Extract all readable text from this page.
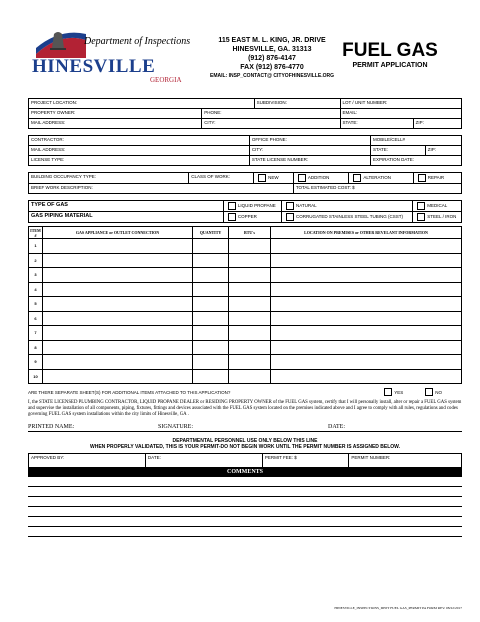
Department of Inspections
HINESVILLE
GEORGIA
115 EAST M. L. KING, JR. DRIVE
HINESVILLE, GA. 31313
(912) 876-4147
FAX (912) 876-4770
EMAIL: INSP_CONTACT@ CITYOFHINESVILLE.ORG
FUEL GAS
PERMIT APPLICATION
PROJECT LOCATION:		SUBDIVISION:	LOT / UNIT NUMBER:	
PROPERTY OWNER:	PHONE:		EMAIL:	
MAIL ADDRESS:	CITY:		STATE:	ZIP:
CONTRACTOR:	OFFICE PHONE:	MOBILE/CELL#	
MAIL ADDRESS:	CITY:	STATE:	ZIP:
LICENSE TYPE:	STATE LICENSE NUMBER:	EXPIRATION DATE:	
BUILDING OCCUPANCY TYPE:	CLASS OF WORK:	NEW	ADDITION	ALTERATION	REPAIR
BRIEF WORK DESCRIPTION:			TOTAL ESTIMATED COST: $		
TYPE OF GAS	LIQUID PROPANE	NATURAL	MEDICAL
GAS PIPING MATERIAL	COPPER	CORRUGATED STAINLESS STEEL TUBING (CSST)	STEEL / IRON
ITEM #	GAS APPLIANCE or OUTLET CONNECTION	QUANTITY	BTU's	LOCATION ON PREMISES or OTHER REVELANT INFORMATION
1				
2				
3				
4				
5				
6				
7				
8				
9				
10				
ARE THERE SEPARATE SHEET(S) FOR ADDITIONAL ITEMS ATTACHED TO THIS APPLICATION?	YES	NO
I, the STATE LICENSED PLUMBING CONTRACTOR, LIQUID PROPANE DEALER or RESIDING PROPERTY OWNER of the FUEL GAS system, certify that I will personally install, alter or repair a FUEL GAS system and supervise the installation of all components, piping, fixtures, fittings and devices associated with the FUEL GAS system located on the premises indicated above and I agree to comply with all rules, regulations and codes governing FUEL GAS system installations within the city limits of Hinesville, GA .
PRINTED NAME:	SIGNATURE:	DATE:
DEPARTMENTAL PERSONNEL USE ONLY BELOW THIS LINE
WHEN PROPERLY VALIDATED, THIS IS YOUR PERMIT-DO NOT BEGIN WORK UNTIL THE PERMIT NUMBER IS ASSIGNED BELOW.
APPROVED BY:	DATE:	PERMIT FEE: $	PERMIT NUMBER:
COMMENTS
HINESVILLE_INSPECTIONS_DEPT FUEL GAS_PERMIT PA FORM REV. 08/22/2017
